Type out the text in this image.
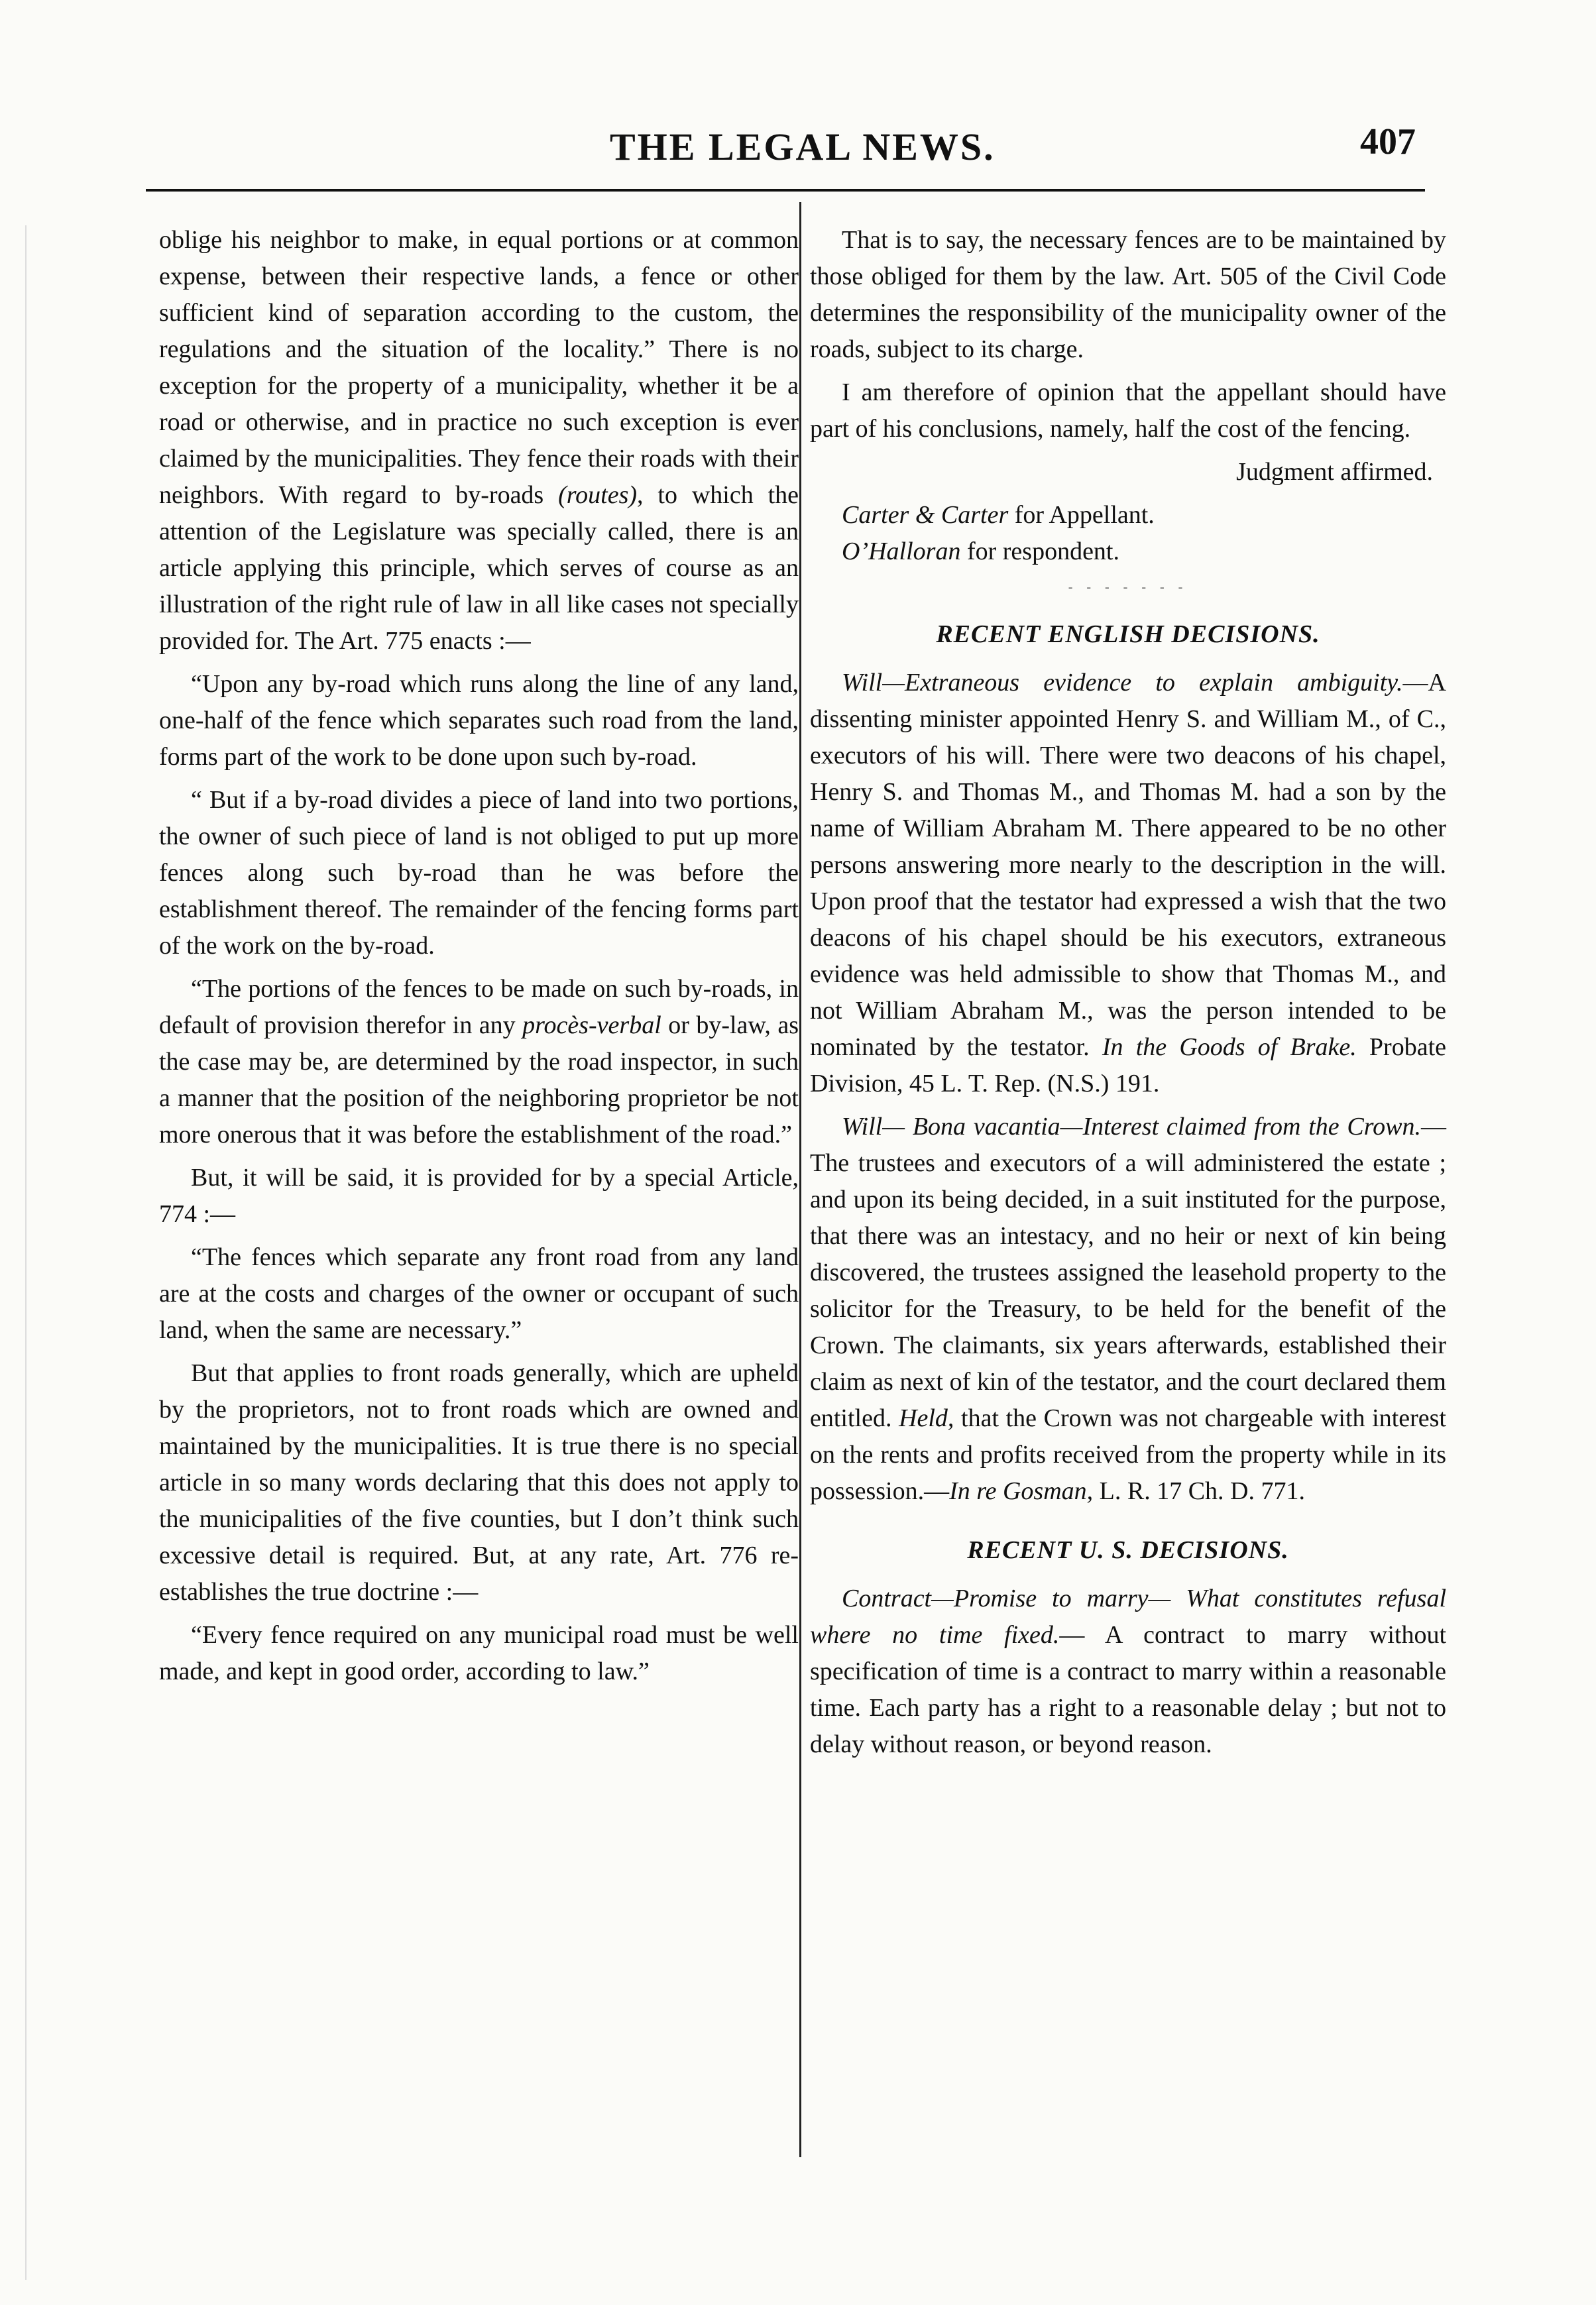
THE LEGAL NEWS.	407

oblige his neighbor to make, in equal portions or at common expense, between their respective lands, a fence or other sufficient kind of separation according to the custom, the regulations and the situation of the locality.” There is no exception for the property of a municipality, whether it be a road or otherwise, and in practice no such exception is ever claimed by the municipalities. They fence their roads with their neighbors. With regard to by-roads (routes), to which the attention of the Legislature was specially called, there is an article applying this principle, which serves of course as an illustration of the right rule of law in all like cases not specially provided for. The Art. 775 enacts :—

“Upon any by-road which runs along the line of any land, one-half of the fence which separates such road from the land, forms part of the work to be done upon such by-road.

“ But if a by-road divides a piece of land into two portions, the owner of such piece of land is not obliged to put up more fences along such by-road than he was before the establishment thereof. The remainder of the fencing forms part of the work on the by-road.

“The portions of the fences to be made on such by-roads, in default of provision therefor in any procès-verbal or by-law, as the case may be, are determined by the road inspector, in such a manner that the position of the neighboring proprietor be not more onerous that it was before the establishment of the road.”

But, it will be said, it is provided for by a special Article, 774 :—

“The fences which separate any front road from any land are at the costs and charges of the owner or occupant of such land, when the same are necessary.”

But that applies to front roads generally, which are upheld by the proprietors, not to front roads which are owned and maintained by the municipalities. It is true there is no special article in so many words declaring that this does not apply to the municipalities of the five counties, but I don’t think such excessive detail is required. But, at any rate, Art. 776 re-establishes the true doctrine :—

“Every fence required on any municipal road must be well made, and kept in good order, according to law.”

That is to say, the necessary fences are to be maintained by those obliged for them by the law. Art. 505 of the Civil Code determines the responsibility of the municipality owner of the roads, subject to its charge.

I am therefore of opinion that the appellant should have part of his conclusions, namely, half the cost of the fencing.

Judgment affirmed.

Carter & Carter for Appellant.

O’Halloran for respondent.

- - - - - - -
RECENT ENGLISH DECISIONS.

Will—Extraneous evidence to explain ambiguity.—A dissenting minister appointed Henry S. and William M., of C., executors of his will. There were two deacons of his chapel, Henry S. and Thomas M., and Thomas M. had a son by the name of William Abraham M. There appeared to be no other persons answering more nearly to the description in the will. Upon proof that the testator had expressed a wish that the two deacons of his chapel should be his executors, extraneous evidence was held admissible to show that Thomas M., and not William Abraham M., was the person intended to be nominated by the testator. In the Goods of Brake. Probate Division, 45 L. T. Rep. (N.S.) 191.

Will— Bona vacantia—Interest claimed from the Crown.—The trustees and executors of a will administered the estate ; and upon its being decided, in a suit instituted for the purpose, that there was an intestacy, and no heir or next of kin being discovered, the trustees assigned the leasehold property to the solicitor for the Treasury, to be held for the benefit of the Crown. The claimants, six years afterwards, established their claim as next of kin of the testator, and the court declared them entitled. Held, that the Crown was not chargeable with interest on the rents and profits received from the property while in its possession.—In re Gosman, L. R. 17 Ch. D. 771.

RECENT U. S. DECISIONS.

Contract—Promise to marry— What constitutes refusal where no time fixed.— A contract to marry without specification of time is a contract to marry within a reasonable time. Each party has a right to a reasonable delay ; but not to delay without reason, or beyond reason.
